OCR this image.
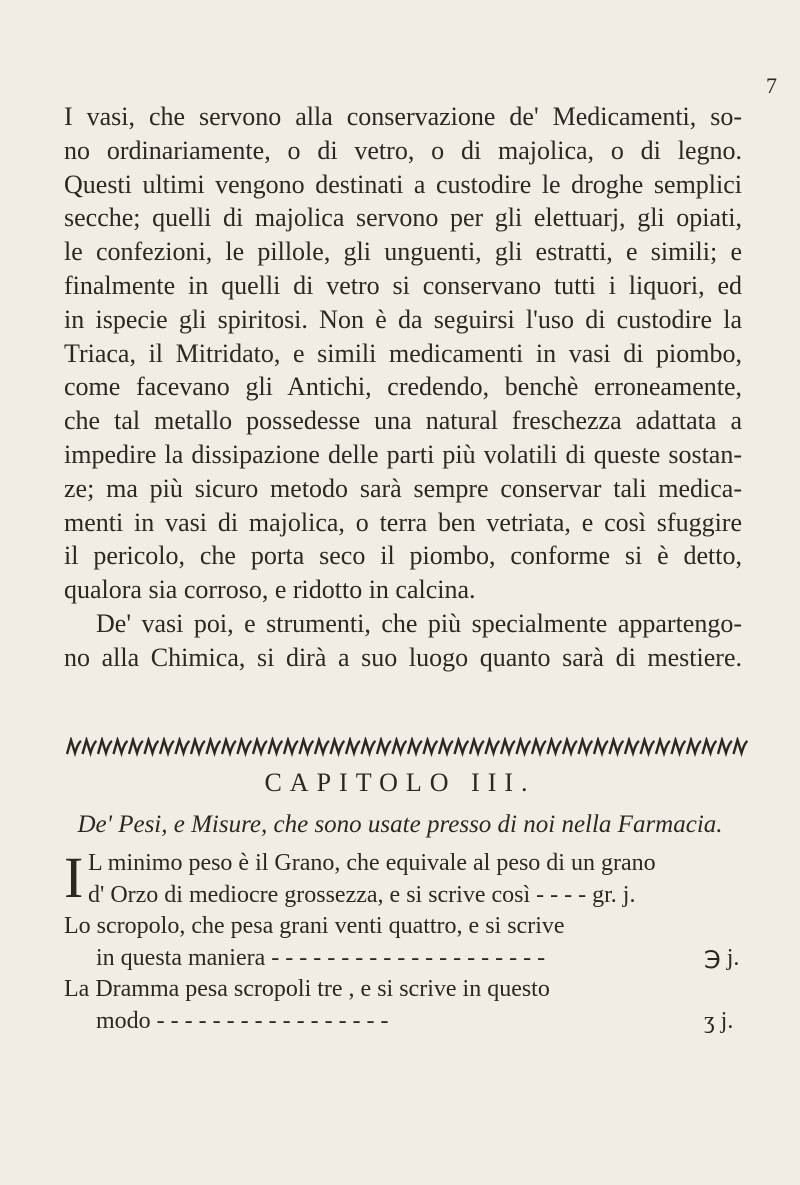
7

I vasi, che servono alla conservazione de' Medicamenti, so-

no ordinariamente, o di vetro, o di majolica, o di legno.

Questi ultimi vengono destinati a custodire le droghe semplici

secche; quelli di majolica servono per gli elettuarj, gli opiati,

le confezioni, le pillole, gli unguenti, gli estratti, e simili; e

finalmente in quelli di vetro si conservano tutti i liquori, ed

in ispecie gli spiritosi. Non è da seguirsi l'uso di custodire la

Triaca, il Mitridato, e simili medicamenti in vasi di piombo,

come facevano gli Antichi, credendo, benchè erroneamente,

che tal metallo possedesse una natural freschezza adattata a

impedire la dissipazione delle parti più volatili di queste sostan-

ze; ma più sicuro metodo sarà sempre conservar tali medica-

menti in vasi di majolica, o terra ben vetriata, e così sfuggire

il pericolo, che porta seco il piombo, conforme si è detto,

qualora sia corroso, e ridotto in calcina.

De' vasi poi, e strumenti, che più specialmente appartengo-

no alla Chimica, si dirà a suo luogo quanto sarà di mestiere.

CAPITOLO III.
De' Pesi, e Misure, che sono usate presso di noi nella Farmacia.
I L minimo peso è il Grano, che equivale al peso di un grano
d' Orzo di mediocre grossezza, e si scrive così - - - - gr. j.
Lo scropolo, che pesa grani venti quattro, e si scrive
in questa maniera - - - - - - - - - - - - - - - - - - - -	℈ j.
La Dramma pesa scropoli tre , e si scrive in questo
modo - - - - - - - - - - - - - - - - -	ʒ j.
